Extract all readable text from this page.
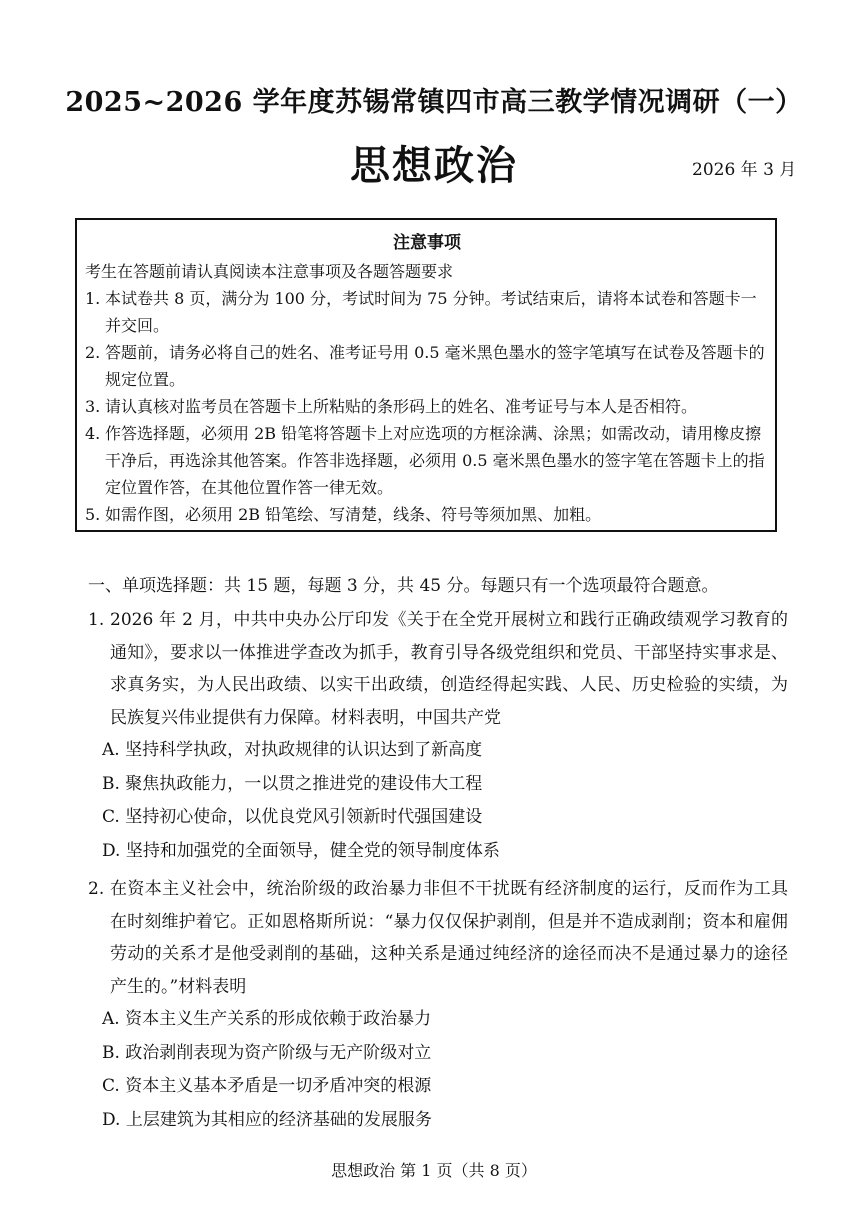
2025~2026 学年度苏锡常镇四市高三教学情况调研（一）
思想政治	2026 年 3 月
注意事项
考生在答题前请认真阅读本注意事项及各题答题要求
1. 本试卷共 8 页，满分为 100 分，考试时间为 75 分钟。考试结束后，请将本试卷和答题卡一并交回。
2. 答题前，请务必将自己的姓名、准考证号用 0.5 毫米黑色墨水的签字笔填写在试卷及答题卡的规定位置。
3. 请认真核对监考员在答题卡上所粘贴的条形码上的姓名、准考证号与本人是否相符。
4. 作答选择题，必须用 2B 铅笔将答题卡上对应选项的方框涂满、涂黑；如需改动，请用橡皮擦干净后，再选涂其他答案。作答非选择题，必须用 0.5 毫米黑色墨水的签字笔在答题卡上的指定位置作答，在其他位置作答一律无效。
5. 如需作图，必须用 2B 铅笔绘、写清楚，线条、符号等须加黑、加粗。
一、单项选择题：共 15 题，每题 3 分，共 45 分。每题只有一个选项最符合题意。
1. 2026 年 2 月，中共中央办公厅印发《关于在全党开展树立和践行正确政绩观学习教育的通知》，要求以一体推进学查改为抓手，教育引导各级党组织和党员、干部坚持实事求是、求真务实，为人民出政绩、以实干出政绩，创造经得起实践、人民、历史检验的实绩，为民族复兴伟业提供有力保障。材料表明，中国共产党
A. 坚持科学执政，对执政规律的认识达到了新高度
B. 聚焦执政能力，一以贯之推进党的建设伟大工程
C. 坚持初心使命，以优良党风引领新时代强国建设
D. 坚持和加强党的全面领导，健全党的领导制度体系
2. 在资本主义社会中，统治阶级的政治暴力非但不干扰既有经济制度的运行，反而作为工具在时刻维护着它。正如恩格斯所说：“暴力仅仅保护剥削，但是并不造成剥削；资本和雇佣劳动的关系才是他受剥削的基础，这种关系是通过纯经济的途径而决不是通过暴力的途径产生的。”材料表明
A. 资本主义生产关系的形成依赖于政治暴力
B. 政治剥削表现为资产阶级与无产阶级对立
C. 资本主义基本矛盾是一切矛盾冲突的根源
D. 上层建筑为其相应的经济基础的发展服务
思想政治 第 1 页（共 8 页）
